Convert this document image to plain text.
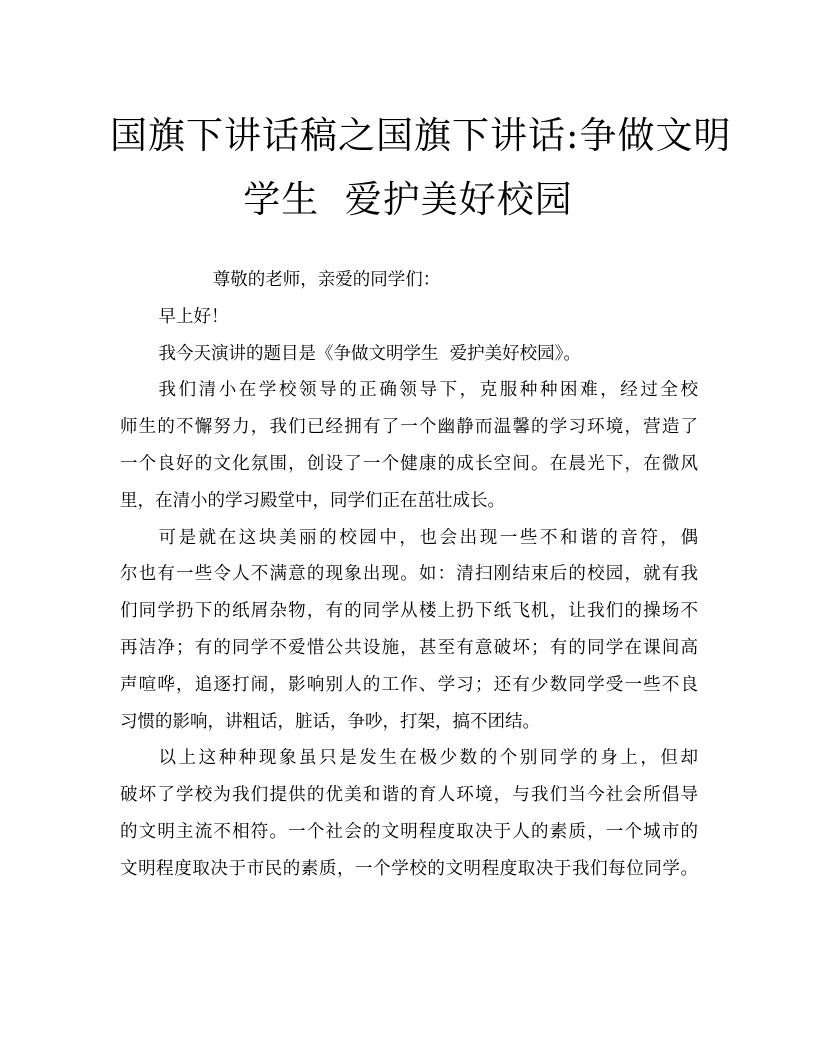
国旗下讲话稿之国旗下讲话:争做文明
学生  爱护美好校园

尊敬的老师，亲爱的同学们：

早上好！

我今天演讲的题目是《争做文明学生  爱护美好校园》。

我们清小在学校领导的正确领导下，克服种种困难，经过全校
师生的不懈努力，我们已经拥有了一个幽静而温馨的学习环境，营造了
一个良好的文化氛围，创设了一个健康的成长空间。在晨光下，在微风
里，在清小的学习殿堂中，同学们正在茁壮成长。

可是就在这块美丽的校园中，也会出现一些不和谐的音符，偶
尔也有一些令人不满意的现象出现。如：清扫刚结束后的校园，就有我
们同学扔下的纸屑杂物，有的同学从楼上扔下纸飞机，让我们的操场不
再洁净；有的同学不爱惜公共设施，甚至有意破坏；有的同学在课间高
声喧哗，追逐打闹，影响别人的工作、学习；还有少数同学受一些不良
习惯的影响，讲粗话，脏话，争吵，打架，搞不团结。

以上这种种现象虽只是发生在极少数的个别同学的身上，但却
破坏了学校为我们提供的优美和谐的育人环境，与我们当今社会所倡导
的文明主流不相符。一个社会的文明程度取决于人的素质，一个城市的
文明程度取决于市民的素质，一个学校的文明程度取决于我们每位同学。
